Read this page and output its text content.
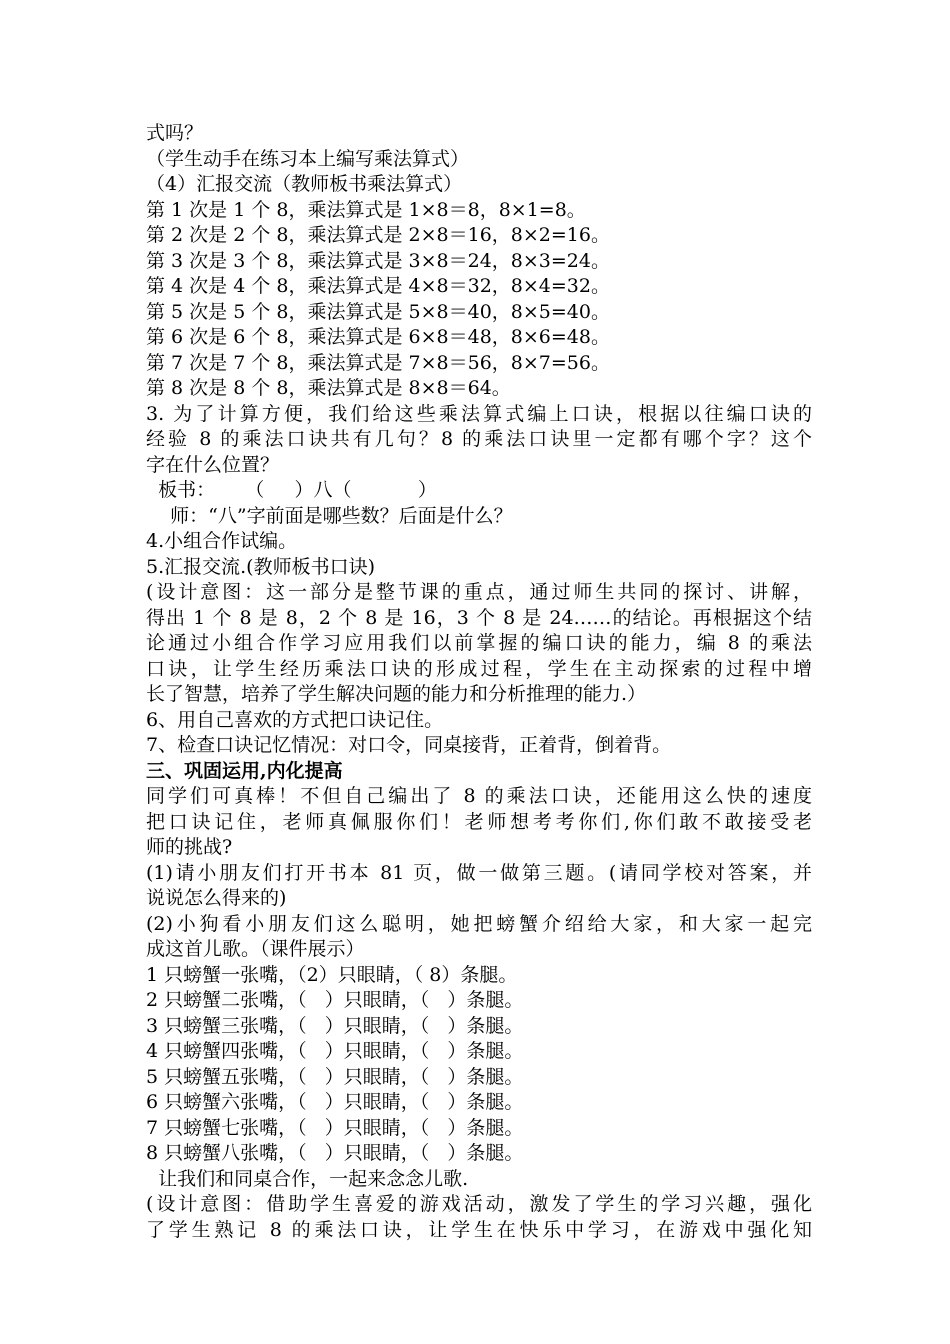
式吗？
（学生动手在练习本上编写乘法算式）
（4）汇报交流（教师板书乘法算式）
第 1 次是 1 个 8，乘法算式是 1×8＝8，8×1=8。
第 2 次是 2 个 8，乘法算式是 2×8＝16，8×2=16。
第 3 次是 3 个 8，乘法算式是 3×8＝24，8×3=24。
第 4 次是 4 个 8，乘法算式是 4×8＝32，8×4=32。
第 5 次是 5 个 8，乘法算式是 5×8＝40，8×5=40。
第 6 次是 6 个 8，乘法算式是 6×8＝48，8×6=48。
第 7 次是 7 个 8，乘法算式是 7×8＝56，8×7=56。
第 8 次是 8 个 8，乘法算式是 8×8＝64。
3. 为了计算方便，我们给这些乘法算式编上口诀，根据以往编口诀的
经验 8 的乘法口诀共有几句？8 的乘法口诀里一定都有哪个字？这个
字在什么位置？
板书：     （     ）八（           ）
师：“八”字前面是哪些数？后面是什么？
4.小组合作试编。
5.汇报交流.(教师板书口诀)
(设计意图：这一部分是整节课的重点，通过师生共同的探讨、讲解，
得出 1 个 8 是 8，2 个 8 是 16，3 个 8 是 24……的结论。再根据这个结
论通过小组合作学习应用我们以前掌握的编口诀的能力，编 8 的乘法
口诀，让学生经历乘法口诀的形成过程，学生在主动探索的过程中增
长了智慧，培养了学生解决问题的能力和分析推理的能力.）
6、用自己喜欢的方式把口诀记住。
7、检查口诀记忆情况：对口令，同桌接背，正着背，倒着背。
三、巩固运用,内化提高
同学们可真棒！不但自己编出了 8 的乘法口诀，还能用这么快的速度
把口诀记住，老师真佩服你们！老师想考考你们,你们敢不敢接受老
师的挑战?
(1)请小朋友们打开书本 81 页，做一做第三题。(请同学校对答案，并
说说怎么得来的)
(2)小狗看小朋友们这么聪明，她把螃蟹介绍给大家，和大家一起完
成这首儿歌。（课件展示）
1 只螃蟹一张嘴，（2）只眼睛，（ 8）条腿。
2 只螃蟹二张嘴，（   ）只眼睛，（   ）条腿。
3 只螃蟹三张嘴，（   ）只眼睛，（   ）条腿。
4 只螃蟹四张嘴，（   ）只眼睛，（   ）条腿。
5 只螃蟹五张嘴，（   ）只眼睛，（   ）条腿。
6 只螃蟹六张嘴，（   ）只眼睛，（   ）条腿。
7 只螃蟹七张嘴，（   ）只眼睛，（   ）条腿。
8 只螃蟹八张嘴，（   ）只眼睛，（   ）条腿。
让我们和同桌合作，一起来念念儿歌.
(设计意图：借助学生喜爱的游戏活动，激发了学生的学习兴趣，强化
了学生熟记 8 的乘法口诀，让学生在快乐中学习，在游戏中强化知
